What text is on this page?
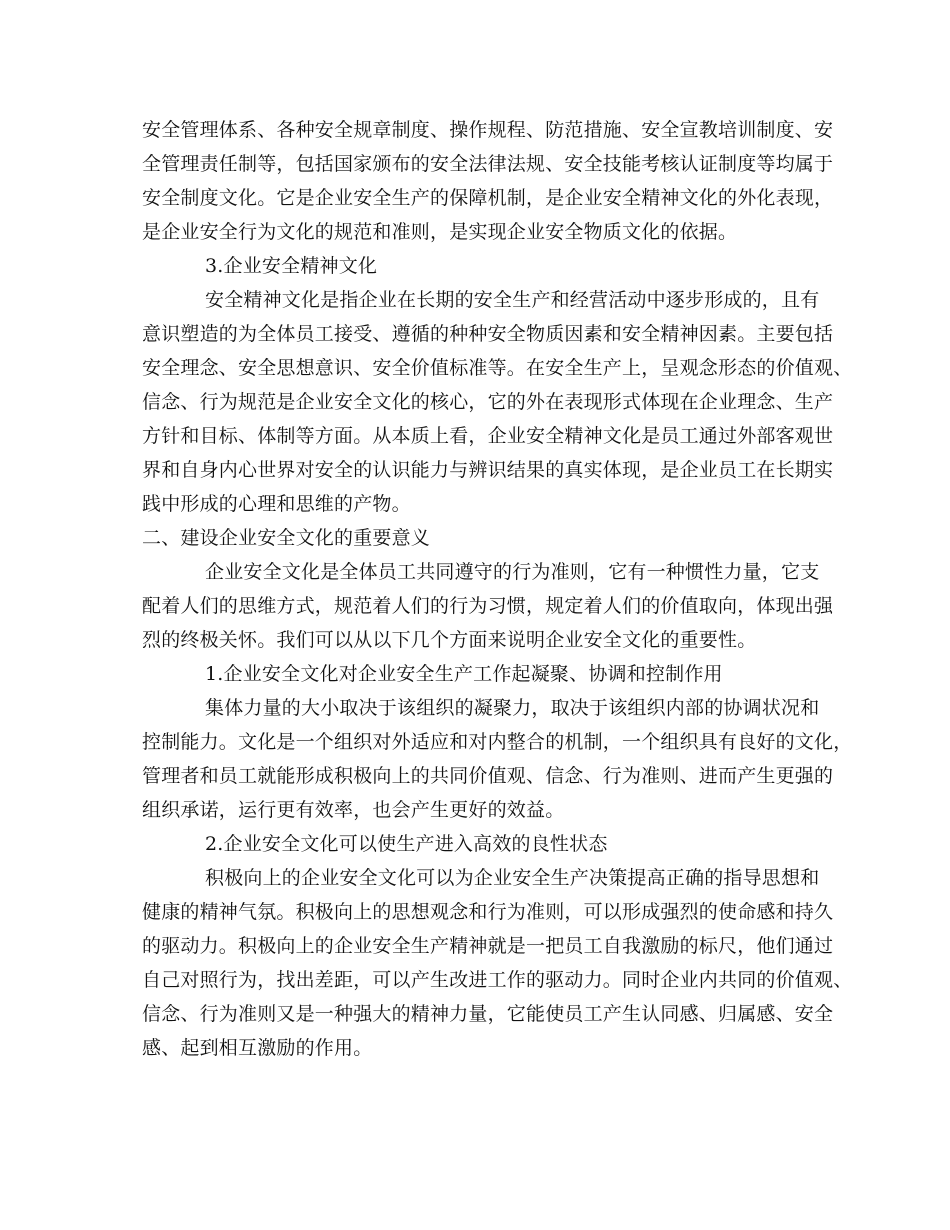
安全管理体系、各种安全规章制度、操作规程、防范措施、安全宣教培训制度、安
全管理责任制等，包括国家颁布的安全法律法规、安全技能考核认证制度等均属于
安全制度文化。它是企业安全生产的保障机制，是企业安全精神文化的外化表现，
是企业安全行为文化的规范和准则，是实现企业安全物质文化的依据。
3.企业安全精神文化
安全精神文化是指企业在长期的安全生产和经营活动中逐步形成的，且有
意识塑造的为全体员工接受、遵循的种种安全物质因素和安全精神因素。主要包括
安全理念、安全思想意识、安全价值标准等。在安全生产上，呈观念形态的价值观、
信念、行为规范是企业安全文化的核心，它的外在表现形式体现在企业理念、生产
方针和目标、体制等方面。从本质上看，企业安全精神文化是员工通过外部客观世
界和自身内心世界对安全的认识能力与辨识结果的真实体现，是企业员工在长期实
践中形成的心理和思维的产物。
二、建设企业安全文化的重要意义
企业安全文化是全体员工共同遵守的行为准则，它有一种惯性力量，它支
配着人们的思维方式，规范着人们的行为习惯，规定着人们的价值取向，体现出强
烈的终极关怀。我们可以从以下几个方面来说明企业安全文化的重要性。
1.企业安全文化对企业安全生产工作起凝聚、协调和控制作用
集体力量的大小取决于该组织的凝聚力，取决于该组织内部的协调状况和
控制能力。文化是一个组织对外适应和对内整合的机制，一个组织具有良好的文化，
管理者和员工就能形成积极向上的共同价值观、信念、行为准则、进而产生更强的
组织承诺，运行更有效率，也会产生更好的效益。
2.企业安全文化可以使生产进入高效的良性状态
积极向上的企业安全文化可以为企业安全生产决策提高正确的指导思想和
健康的精神气氛。积极向上的思想观念和行为准则，可以形成强烈的使命感和持久
的驱动力。积极向上的企业安全生产精神就是一把员工自我激励的标尺，他们通过
自己对照行为，找出差距，可以产生改进工作的驱动力。同时企业内共同的价值观、
信念、行为准则又是一种强大的精神力量，它能使员工产生认同感、归属感、安全
感、起到相互激励的作用。
